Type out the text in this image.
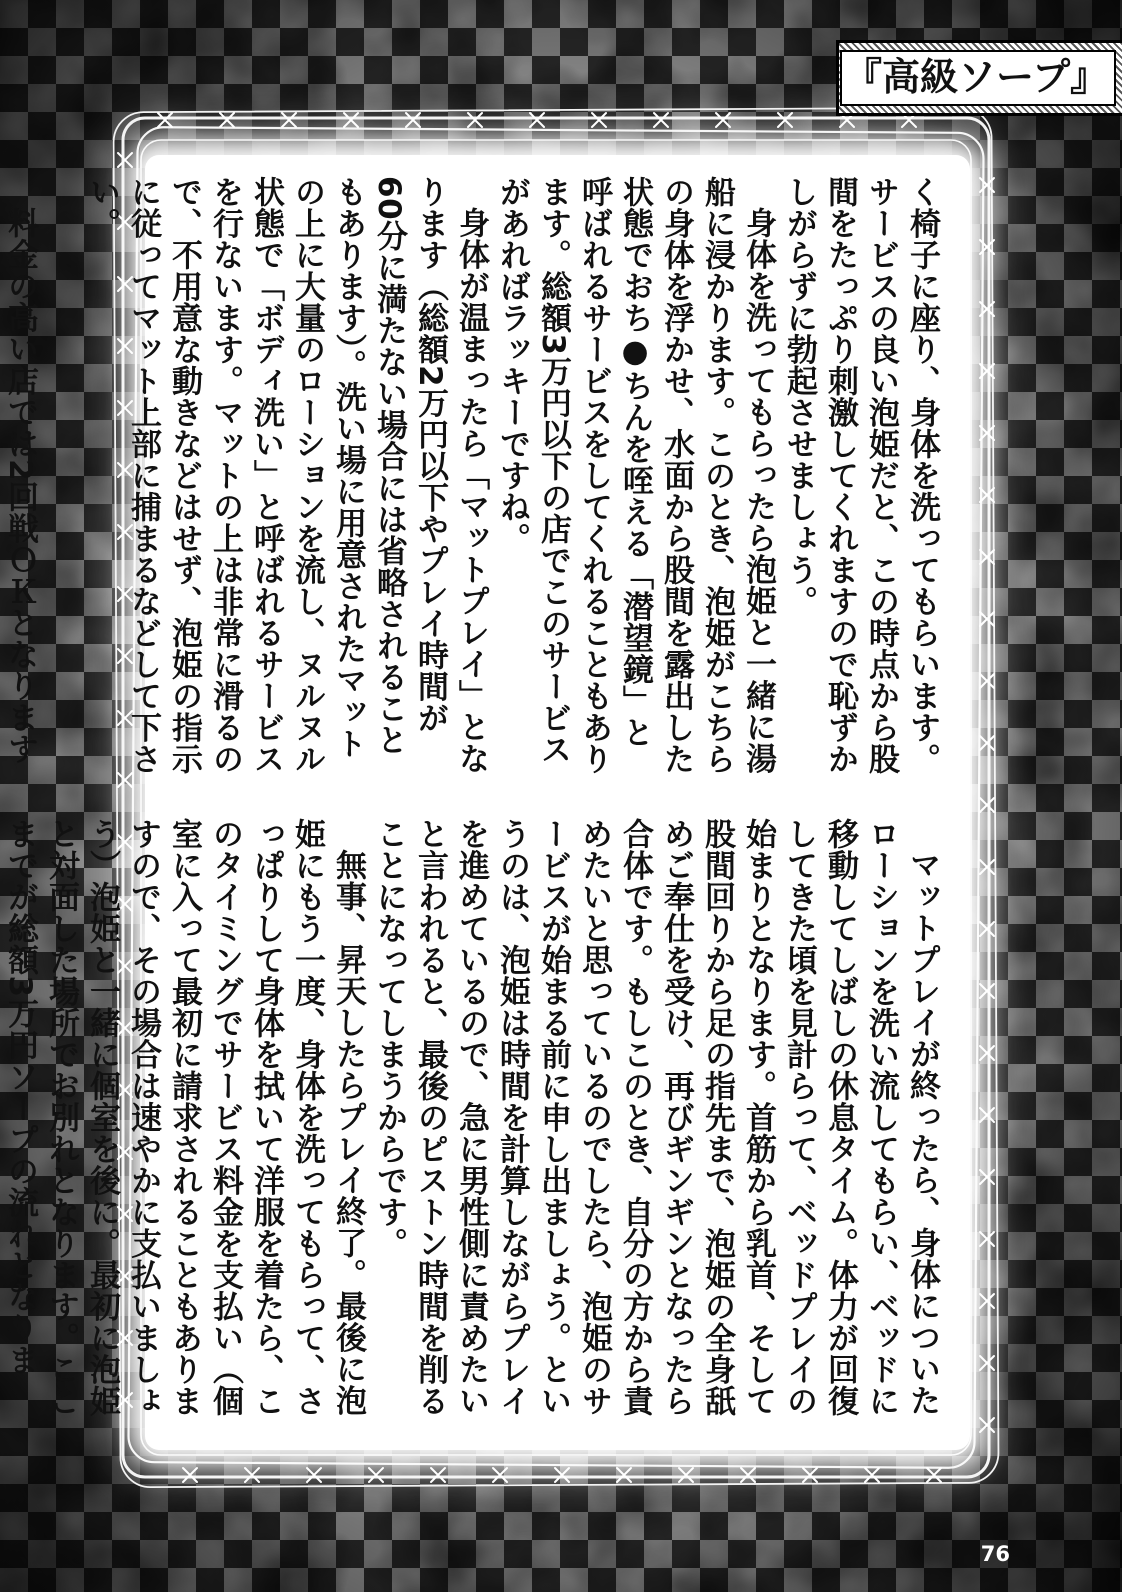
『高級ソープ』

く椅子に座り、身体を洗ってもらいます。サービスの良い泡姫だと、この時点から股間をたっぷり刺激してくれますので恥ずかしがらずに勃起させましょう。

身体を洗ってもらったら泡姫と一緒に湯船に浸かります。このとき、泡姫がこちらの身体を浮かせ、水面から股間を露出した状態でおち●ちんを咥える「潜望鏡」と呼ばれるサービスをしてくれることもあります。総額3万円以下の店でこのサービスがあればラッキーですね。

身体が温まったら「マットプレイ」となります（総額2万円以下やプレイ時間が60分に満たない場合には省略されることもあります）。洗い場に用意されたマットの上に大量のローションを流し、ヌルヌル状態で「ボディ洗い」と呼ばれるサービスを行ないます。マットの上は非常に滑るので、不用意な動きなどはせず、泡姫の指示に従ってマット上部に捕まるなどして下さい。

料金の高い店では2回戦ＯＫとなります

マットプレイが終ったら、身体についたローションを洗い流してもらい、ベッドに移動してしばしの休息タイム。体力が回復してきた頃を見計らって、ベッドプレイの始まりとなります。首筋から乳首、そして股間回りから足の指先まで、泡姫の全身舐めご奉仕を受け、再びギンギンとなったら合体です。もしこのとき、自分の方から責めたいと思っているのでしたら、泡姫のサービスが始まる前に申し出ましょう。というのは、泡姫は時間を計算しながらプレイを進めているので、急に男性側に責めたいと言われると、最後のピストン時間を削ることになってしまうからです。

無事、昇天したらプレイ終了。最後に泡姫にもう一度、身体を洗ってもらって、さっぱりして身体を拭いて洋服を着たら、このタイミングでサービス料金を支払い（個室に入って最初に請求されることもありますので、その場合は速やかに支払いましょう）泡姫と一緒に個室を後に。最初に泡姫と対面した場所でお別れとなります。ここまでが総額3万円ソープの流れとなりま

76
